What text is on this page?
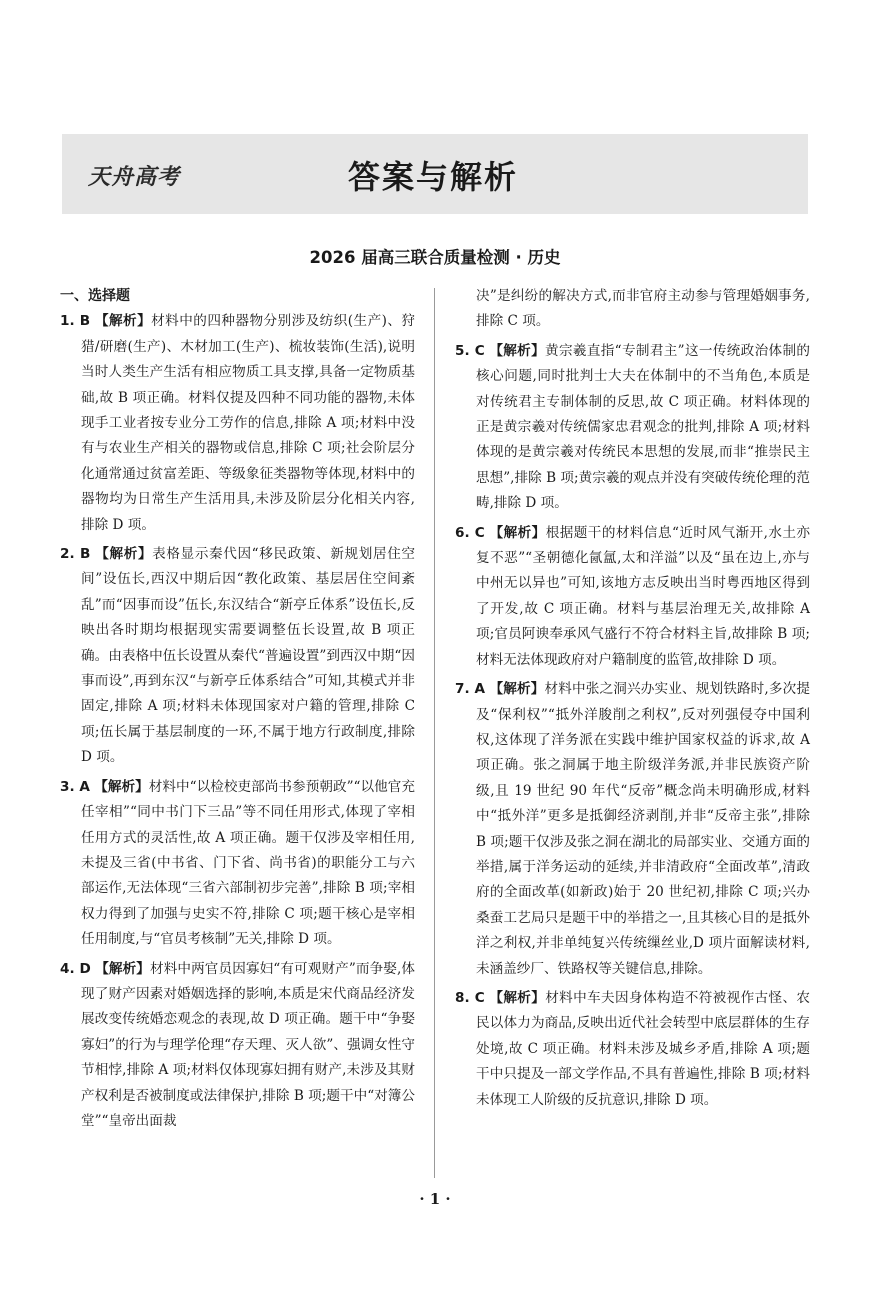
天舟高考	答案与解析
2026 届高三联合质量检测 · 历史
一、选择题
1. B 【解析】材料中的四种器物分别涉及纺织(生产)、狩猎/研磨(生产)、木材加工(生产)、梳妆装饰(生活),说明当时人类生产生活有相应物质工具支撑,具备一定物质基础,故 B 项正确。材料仅提及四种不同功能的器物,未体现手工业者按专业分工劳作的信息,排除 A 项;材料中没有与农业生产相关的器物或信息,排除 C 项;社会阶层分化通常通过贫富差距、等级象征类器物等体现,材料中的器物均为日常生产生活用具,未涉及阶层分化相关内容,排除 D 项。
2. B 【解析】表格显示秦代因“移民政策、新规划居住空间”设伍长,西汉中期后因“教化政策、基层居住空间紊乱”而“因事而设”伍长,东汉结合“新亭丘体系”设伍长,反映出各时期均根据现实需要调整伍长设置,故 B 项正确。由表格中伍长设置从秦代“普遍设置”到西汉中期“因事而设”,再到东汉“与新亭丘体系结合”可知,其模式并非固定,排除 A 项;材料未体现国家对户籍的管理,排除 C 项;伍长属于基层制度的一环,不属于地方行政制度,排除 D 项。
3. A 【解析】材料中“以检校吏部尚书参预朝政”“以他官充任宰相”“同中书门下三品”等不同任用形式,体现了宰相任用方式的灵活性,故 A 项正确。题干仅涉及宰相任用,未提及三省(中书省、门下省、尚书省)的职能分工与六部运作,无法体现“三省六部制初步完善”,排除 B 项;宰相权力得到了加强与史实不符,排除 C 项;题干核心是宰相任用制度,与“官员考核制”无关,排除 D 项。
4. D 【解析】材料中两官员因寡妇“有可观财产”而争娶,体现了财产因素对婚姻选择的影响,本质是宋代商品经济发展改变传统婚恋观念的表现,故 D 项正确。题干中“争娶寡妇”的行为与理学伦理“存天理、灭人欲”、强调女性守节相悖,排除 A 项;材料仅体现寡妇拥有财产,未涉及其财产权利是否被制度或法律保护,排除 B 项;题干中“对簿公堂”“皇帝出面裁
决”是纠纷的解决方式,而非官府主动参与管理婚姻事务,排除 C 项。
5. C 【解析】黄宗羲直指“专制君主”这一传统政治体制的核心问题,同时批判士大夫在体制中的不当角色,本质是对传统君主专制体制的反思,故 C 项正确。材料体现的正是黄宗羲对传统儒家忠君观念的批判,排除 A 项;材料体现的是黄宗羲对传统民本思想的发展,而非“推崇民主思想”,排除 B 项;黄宗羲的观点并没有突破传统伦理的范畴,排除 D 项。
6. C 【解析】根据题干的材料信息“近时风气渐开,水土亦复不恶”“圣朝德化氤氲,太和洋溢”以及“虽在边上,亦与中州无以异也”可知,该地方志反映出当时粤西地区得到了开发,故 C 项正确。材料与基层治理无关,故排除 A 项;官员阿谀奉承风气盛行不符合材料主旨,故排除 B 项;材料无法体现政府对户籍制度的监管,故排除 D 项。
7. A 【解析】材料中张之洞兴办实业、规划铁路时,多次提及“保利权”“抵外洋朘削之利权”,反对列强侵夺中国利权,这体现了洋务派在实践中维护国家权益的诉求,故 A 项正确。张之洞属于地主阶级洋务派,并非民族资产阶级,且 19 世纪 90 年代“反帝”概念尚未明确形成,材料中“抵外洋”更多是抵御经济剥削,并非“反帝主张”,排除 B 项;题干仅涉及张之洞在湖北的局部实业、交通方面的举措,属于洋务运动的延续,并非清政府“全面改革”,清政府的全面改革(如新政)始于 20 世纪初,排除 C 项;兴办桑蚕工艺局只是题干中的举措之一,且其核心目的是抵外洋之利权,并非单纯复兴传统缫丝业,D 项片面解读材料,未涵盖纱厂、铁路权等关键信息,排除。
8. C 【解析】材料中车夫因身体构造不符被视作古怪、农民以体力为商品,反映出近代社会转型中底层群体的生存处境,故 C 项正确。材料未涉及城乡矛盾,排除 A 项;题干中只提及一部文学作品,不具有普遍性,排除 B 项;材料未体现工人阶级的反抗意识,排除 D 项。
· 1 ·
